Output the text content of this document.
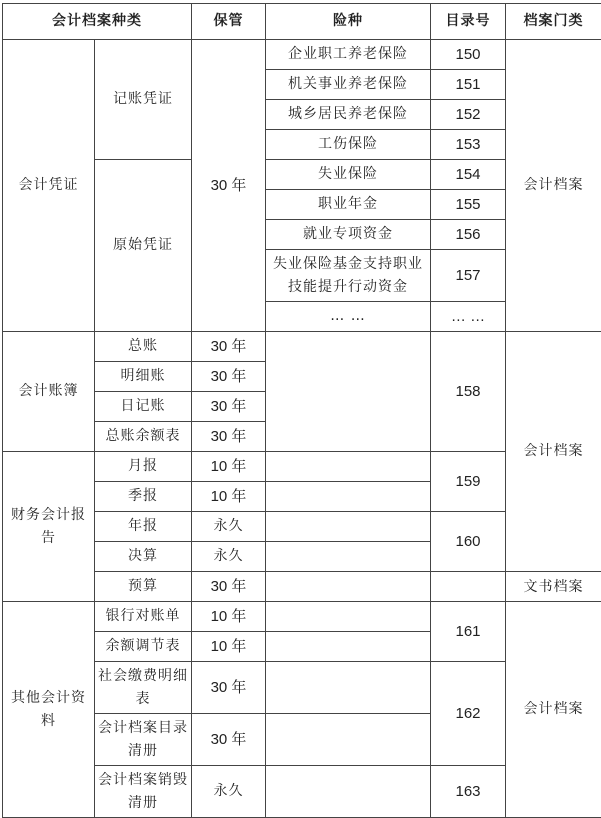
会计档案种类		保管	险种	目录号	档案门类
会计凭证	记账凭证	30 年	企业职工养老保险	150	会计档案
			机关事业养老保险	151	
			城乡居民养老保险	152	
			工伤保险	153	
	原始凭证		失业保险	154	
			职业年金	155	
			就业专项资金	156	
			失业保险基金支持职业技能提升行动资金	157	
			… …	… …	
会计账簿	总账	30 年		158	会计档案
	明细账	30 年			
	日记账	30 年			
	总账余额表	30 年			
财务会计报告	月报	10 年		159	
	季报	10 年			
	年报	永久		160	
	决算	永久			
	预算	30 年			文书档案
其他会计资料	银行对账单	10 年		161	会计档案
	余额调节表	10 年			
	社会缴费明细表	30 年		162	
	会计档案目录清册	30 年			
	会计档案销毁清册	永久		163	
